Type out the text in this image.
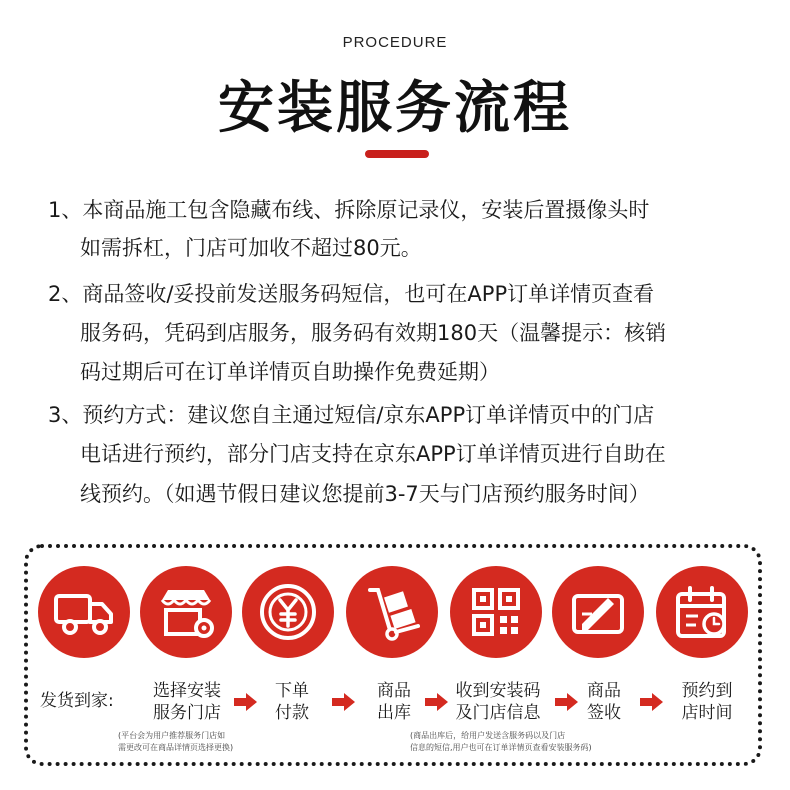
PROCEDURE
安装服务流程
1、本商品施工包含隐藏布线、拆除原记录仪，安装后置摄像头时
如需拆杠，门店可加收不超过80元。
2、商品签收/妥投前发送服务码短信，也可在APP订单详情页查看
服务码，凭码到店服务，服务码有效期180天（温馨提示：核销
码过期后可在订单详情页自助操作免费延期）
3、预约方式：建议您自主通过短信/京东APP订单详情页中的门店
电话进行预约，部分门店支持在京东APP订单详情页进行自助在
线预约。（如遇节假日建议您提前3-7天与门店预约服务时间）
发货到家:	选择安装
服务门店
下单
付款
商品
出库
收到安装码
及门店信息
商品
签收
预约到
店时间
(平台会为用户推荐服务门店如
需更改可在商品详情页选择更换)
(商品出库后，给用户发送含服务码以及门店
信息的短信,用户也可在订单详情页查看安装服务码)
